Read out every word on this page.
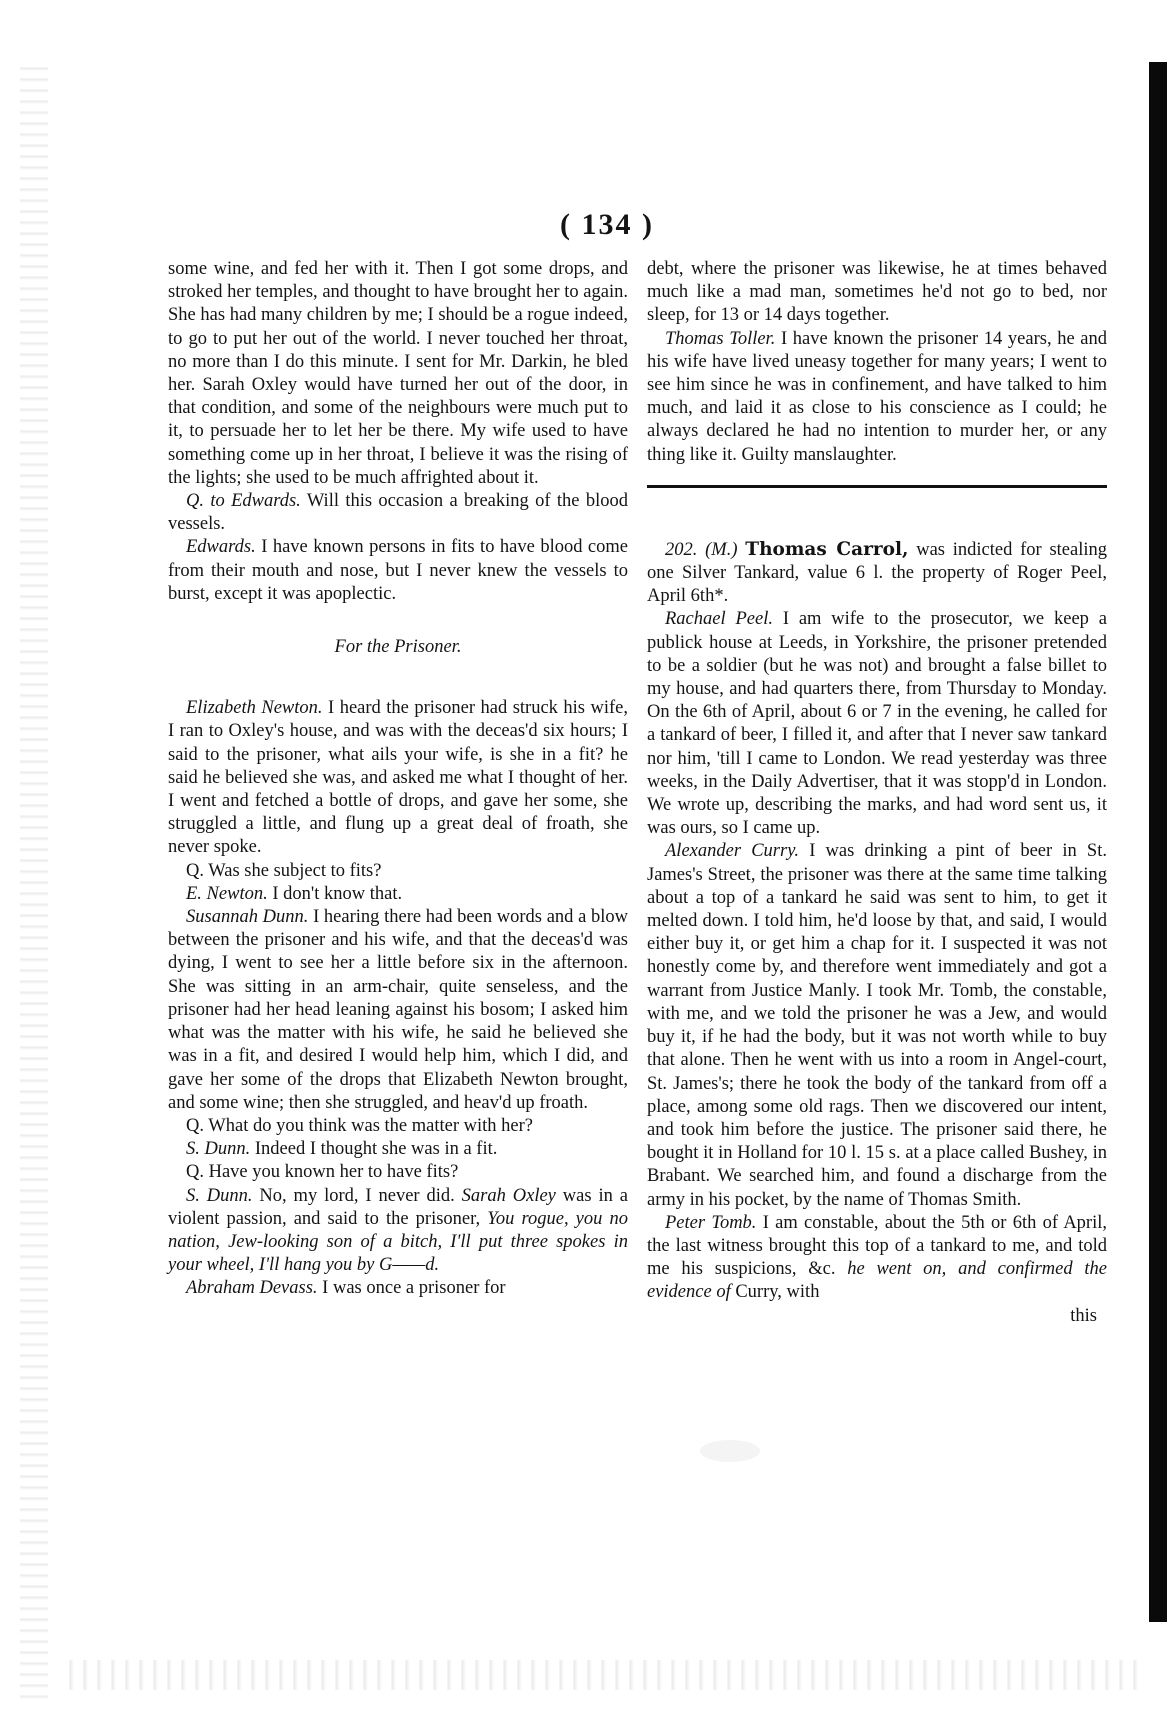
( 134 )

some wine, and fed her with it. Then I got some drops, and stroked her temples, and thought to have brought her to again. She has had many children by me; I should be a rogue indeed, to go to put her out of the world. I never touched her throat, no more than I do this minute. I sent for Mr. Darkin, he bled her. Sarah Oxley would have turned her out of the door, in that condition, and some of the neighbours were much put to it, to persuade her to let her be there. My wife used to have something come up in her throat, I believe it was the rising of the lights; she used to be much affrighted about it.

Q. to Edwards. Will this occasion a breaking of the blood vessels.

Edwards. I have known persons in fits to have blood come from their mouth and nose, but I never knew the vessels to burst, except it was apoplectic.

For the Prisoner.

Elizabeth Newton. I heard the prisoner had struck his wife, I ran to Oxley's house, and was with the deceas'd six hours; I said to the prisoner, what ails your wife, is she in a fit? he said he believed she was, and asked me what I thought of her. I went and fetched a bottle of drops, and gave her some, she struggled a little, and flung up a great deal of froath, she never spoke.

Q. Was she subject to fits?

E. Newton. I don't know that.

Susannah Dunn. I hearing there had been words and a blow between the prisoner and his wife, and that the deceas'd was dying, I went to see her a little before six in the afternoon. She was sitting in an arm-chair, quite senseless, and the prisoner had her head leaning against his bosom; I asked him what was the matter with his wife, he said he believed she was in a fit, and desired I would help him, which I did, and gave her some of the drops that Elizabeth Newton brought, and some wine; then she struggled, and heav'd up froath.

Q. What do you think was the matter with her?

S. Dunn. Indeed I thought she was in a fit.

Q. Have you known her to have fits?

S. Dunn. No, my lord, I never did. Sarah Oxley was in a violent passion, and said to the prisoner, You rogue, you no nation, Jew-looking son of a bitch, I'll put three spokes in your wheel, I'll hang you by G——d.

Abraham Devass. I was once a prisoner for

debt, where the prisoner was likewise, he at times behaved much like a mad man, sometimes he'd not go to bed, nor sleep, for 13 or 14 days together.

Thomas Toller. I have known the prisoner 14 years, he and his wife have lived uneasy together for many years; I went to see him since he was in confinement, and have talked to him much, and laid it as close to his conscience as I could; he always declared he had no intention to murder her, or any thing like it. Guilty manslaughter.

202. (M.) Thomas Carrol, was indicted for stealing one Silver Tankard, value 6 l. the property of Roger Peel, April 6th*.

Rachael Peel. I am wife to the prosecutor, we keep a publick house at Leeds, in Yorkshire, the prisoner pretended to be a soldier (but he was not) and brought a false billet to my house, and had quarters there, from Thursday to Monday. On the 6th of April, about 6 or 7 in the evening, he called for a tankard of beer, I filled it, and after that I never saw tankard nor him, 'till I came to London. We read yesterday was three weeks, in the Daily Advertiser, that it was stopp'd in London. We wrote up, describing the marks, and had word sent us, it was ours, so I came up.

Alexander Curry. I was drinking a pint of beer in St. James's Street, the prisoner was there at the same time talking about a top of a tankard he said was sent to him, to get it melted down. I told him, he'd loose by that, and said, I would either buy it, or get him a chap for it. I suspected it was not honestly come by, and therefore went immediately and got a warrant from Justice Manly. I took Mr. Tomb, the constable, with me, and we told the prisoner he was a Jew, and would buy it, if he had the body, but it was not worth while to buy that alone. Then he went with us into a room in Angel-court, St. James's; there he took the body of the tankard from off a place, among some old rags. Then we discovered our intent, and took him before the justice. The prisoner said there, he bought it in Holland for 10 l. 15 s. at a place called Bushey, in Brabant. We searched him, and found a discharge from the army in his pocket, by the name of Thomas Smith.

Peter Tomb. I am constable, about the 5th or 6th of April, the last witness brought this top of a tankard to me, and told me his suspicions, &c. he went on, and confirmed the evidence of Curry, with

this
